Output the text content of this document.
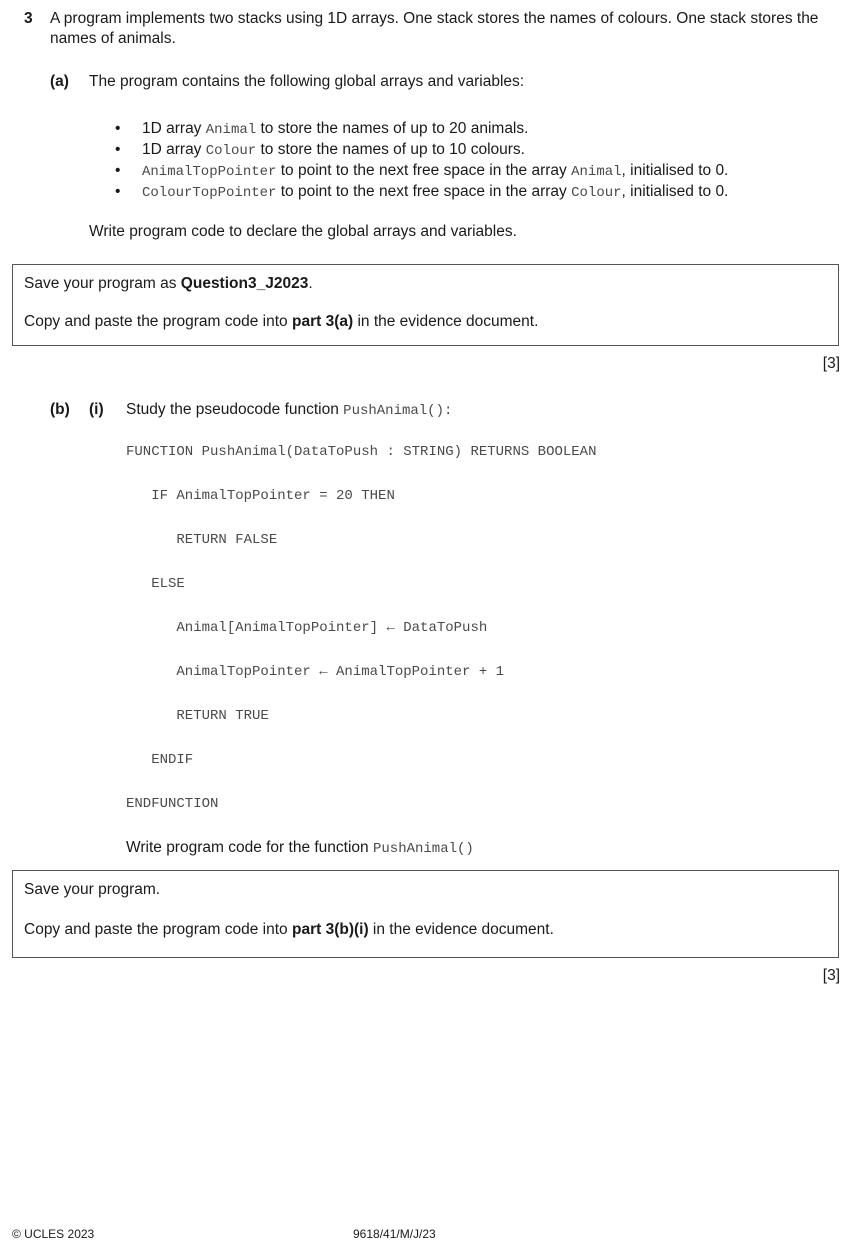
3 A program implements two stacks using 1D arrays. One stack stores the names of colours. One stack stores the names of animals.
(a) The program contains the following global arrays and variables:
• 1D array Animal to store the names of up to 20 animals.
• 1D array Colour to store the names of up to 10 colours.
• AnimalTopPointer to point to the next free space in the array Animal, initialised to 0.
• ColourTopPointer to point to the next free space in the array Colour, initialised to 0.
Write program code to declare the global arrays and variables.

Save your program as Question3_J2023.

Copy and paste the program code into part 3(a) in the evidence document.

[3]
(b) (i) Study the pseudocode function PushAnimal():
FUNCTION PushAnimal(DataToPush : STRING) RETURNS BOOLEAN
IF AnimalTopPointer = 20 THEN
RETURN FALSE
ELSE
Animal[AnimalTopPointer] ← DataToPush
AnimalTopPointer ← AnimalTopPointer + 1
RETURN TRUE
ENDIF
ENDFUNCTION
Write program code for the function PushAnimal()

Save your program.

Copy and paste the program code into part 3(b)(i) in the evidence document.

[3]
© UCLES 2023	9618/41/M/J/23
